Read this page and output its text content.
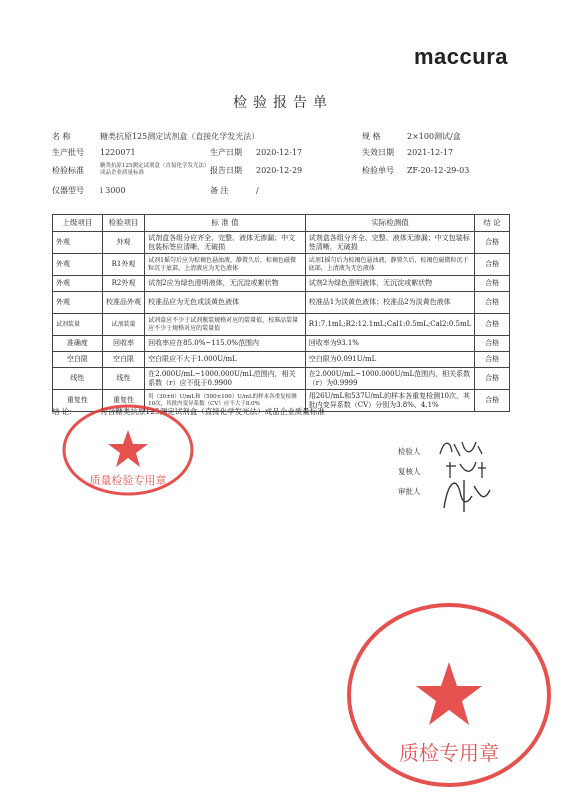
maccura
检验报告单
名 称	糖类抗原125测定试剂盒（直接化学发光法）	规 格	2×100测试/盒
生产批号	1220071	生产日期	2020-12-17	失效日期	2021-12-17
检验标准	糖类抗原125测定试剂盒（直接化学发光法）成品企业质量标准	报告日期	2020-12-29	检验单号	ZF-20-12-29-03
仪器型号	i 3000	备 注	/
上级项目	检验项目	标 准 值	实际检测值	结 论
外观	外观	试剂盒各组分应齐全、完整、液体无渗漏；中文包装标签应清晰，无破损	试剂盒各组分齐全、完整、液体无渗漏；中文包装标签清晰，无破损	合格
外观	R1外观	试剂1摇匀后应为棕褐色悬浊液，静置久后，棕褐色磁微粒沉于底部，上清液应为无色液体	试剂1摇匀后为棕褐色悬浊液，静置久后，棕褐色磁微粒沉于底部，上清液为无色液体	合格
外观	R2外观	试剂2应为绿色澄明液体，无沉淀或絮状物	试剂2为绿色澄明液体，无沉淀或絮状物	合格
外观	校准品外观	校准品应为无色或淡黄色液体	校准品1为淡黄色液体；校准品2为淡黄色液体	合格
试剂装量	试剂装量	试剂盒应不少于试剂瓶装规格对应的装量值，校准品装量应不少于规格对应的装量值	R1:7.1mL;R2:12.1mL;Cal1:0.5mL;Cal2:0.5mL	合格
准确度	回收率	回收率应在85.0%~115.0%范围内	回收率为93.1%	合格
空白限	空白限	空白限应不大于1.000U/mL	空白限为0.091U/mL	合格
线性	线性	在2.000U/mL~1000.000U/mL范围内，相关系数（r）应不低于0.9900	在2.000U/mL~1000.000U/mL范围内，相关系数（r）为0.9999	合格
重复性	重复性	用（30±6）U/mL和（500±100）U/mL的样本各重复检测10次，其批内变异系数（CV）应不大于8.0%	用26U/mL和537U/mL的样本各重复检测10次，其批内变异系数（CV）分别为3.8%、4.1%	合格
结 论:	符合糖类抗原125测定试剂盒（直接化学发光法）成品企业质量标准
质量检验专用章
检验人
复核人
审批人
质检专用章
